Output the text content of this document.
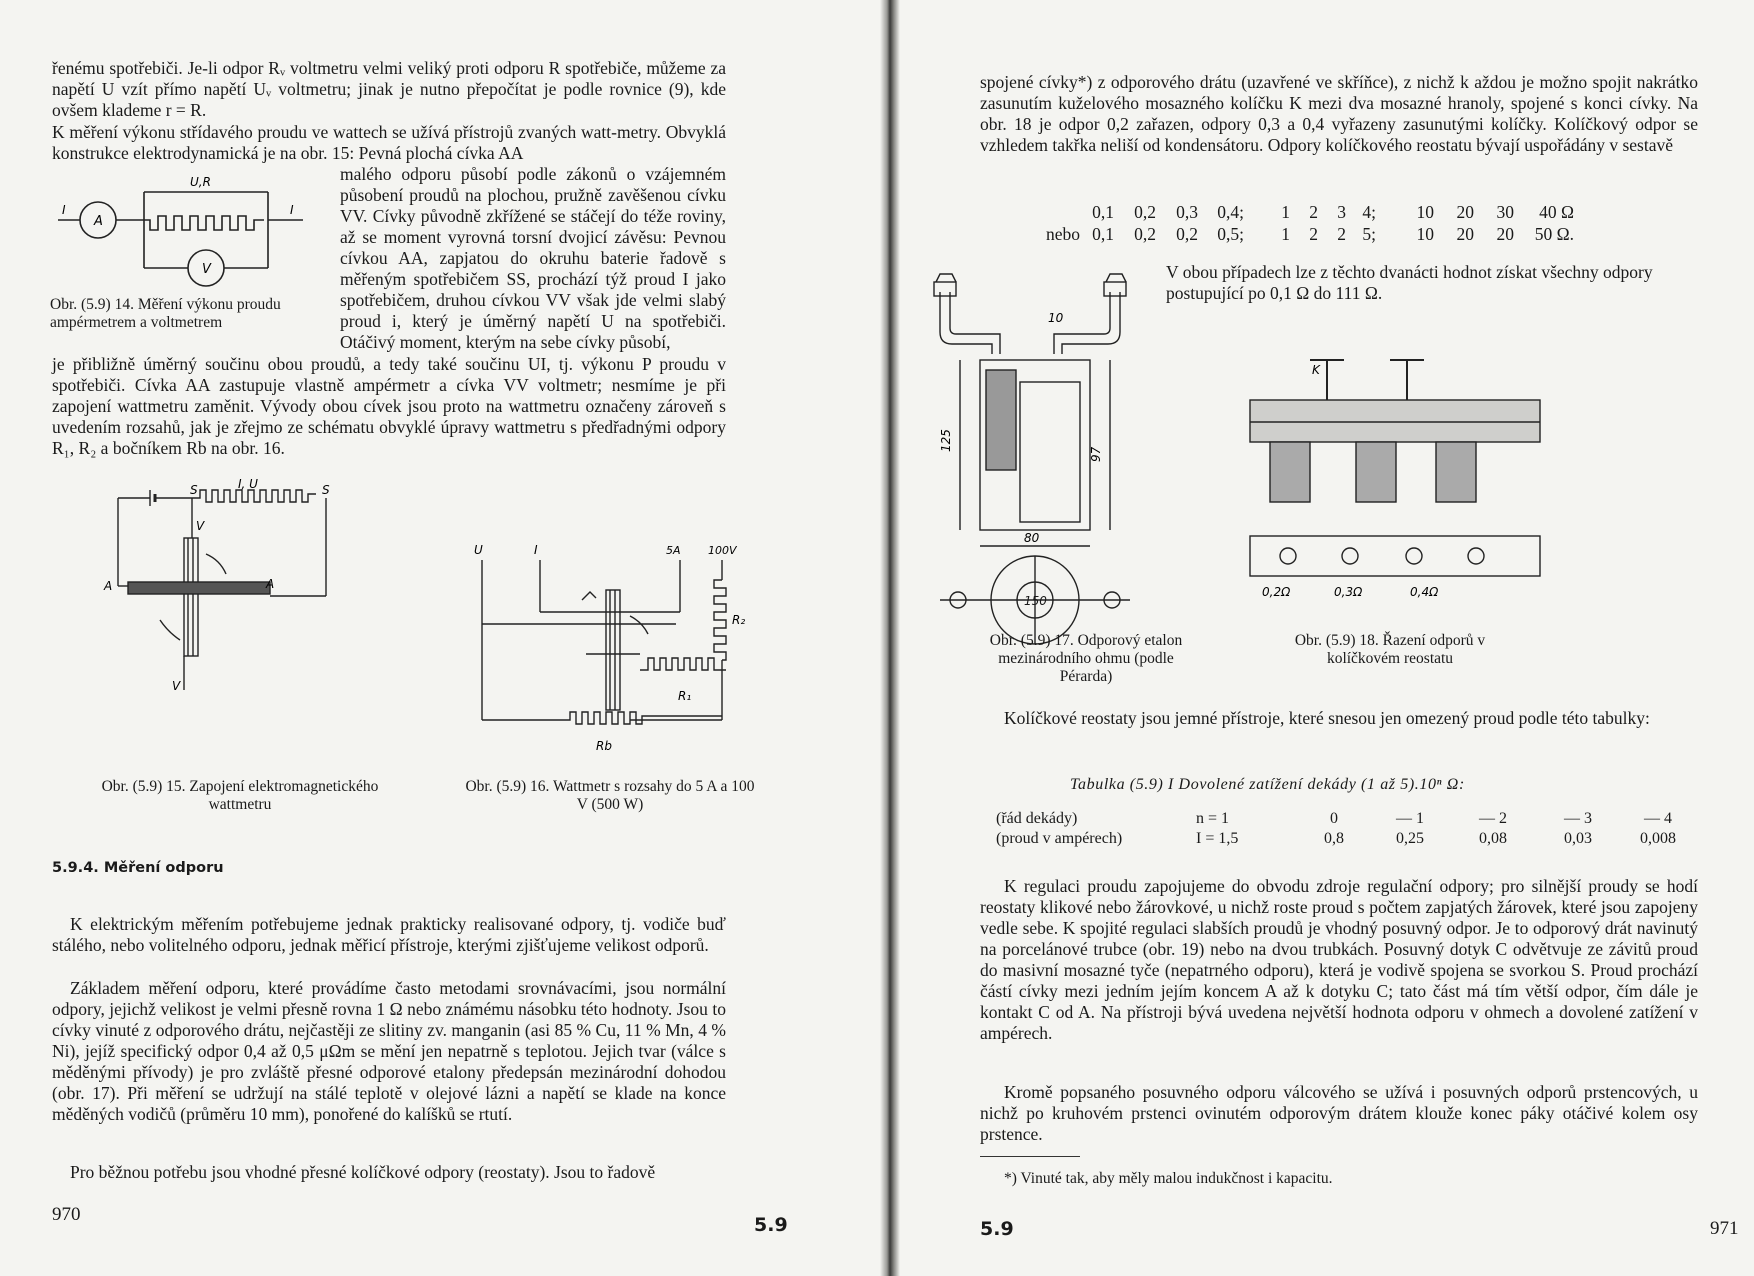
řenému spotřebiči. Je-li odpor Rᵥ voltmetru velmi veliký proti odporu R spotřebiče, můžeme za napětí U vzít přímo napětí Uᵥ voltmetru; jinak je nutno přepočítat je podle rovnice (9), kde ovšem klademe r = R.
K měření výkonu střídavého proudu ve wattech se užívá přístrojů zvaných watt-metry. Obvyklá konstrukce elektrodynamická je na obr. 15: Pevná plochá cívka AA
U,R
I	I
A
V
Obr. (5.9) 14. Měření výkonu proudu ampérmetrem a voltmetrem
malého odporu působí podle zákonů o vzájemném působení proudů na plochou, pružně zavěšenou cívku VV. Cívky původně zkřížené se stáčejí do téže roviny, až se moment vyrovná torsní dvojicí závěsu: Pevnou cívkou AA, zapjatou do okruhu baterie řadově s měřeným spotřebičem SS, prochází týž proud I jako spotřebičem, druhou cívkou VV však jde velmi slabý proud i, který je úměrný napětí U na spotřebiči. Otáčivý moment, kterým na sebe cívky působí,
je přibližně úměrný součinu obou proudů, a tedy také součinu UI, tj. výkonu P proudu v spotřebiči. Cívka AA zastupuje vlastně ampérmetr a cívka VV voltmetr; nesmíme je při zapojení wattmetru zaměnit. Vývody obou cívek jsou proto na wattmetru označeny zároveň s uvedením rozsahů, jak je zřejmo ze schématu obvyklé úpravy wattmetru s předřadnými odpory R₁, R₂ a bočníkem Rb na obr. 16.
I, U
S	S
V
A	A
V
Obr. (5.9) 15. Zapojení elektromagnetického wattmetru
U	I	5A 100V
R₂
R₁
Rb
Obr. (5.9) 16. Wattmetr s rozsahy do 5 A a 100 V (500 W)
5.9.4. Měření odporu
K elektrickým měřením potřebujeme jednak prakticky realisované odpory, tj. vodiče buď stálého, nebo volitelného odporu, jednak měřicí přístroje, kterými zjišťujeme velikost odporů.
Základem měření odporu, které provádíme často metodami srovnávacími, jsou normální odpory, jejichž velikost je velmi přesně rovna 1 Ω nebo známému násobku této hodnoty. Jsou to cívky vinuté z odporového drátu, nejčastěji ze slitiny zv. manganin (asi 85 % Cu, 11 % Mn, 4 % Ni), jejíž specifický odpor 0,4 až 0,5 μΩm se mění jen nepatrně s teplotou. Jejich tvar (válce s měděnými přívody) je pro zvláště přesné odporové etalony předepsán mezinárodní dohodou (obr. 17). Při měření se udržují na stálé teplotě v olejové lázni a napětí se klade na konce měděných vodičů (průměru 10 mm), ponořené do kalíšků se rtutí.
Pro běžnou potřebu jsou vhodné přesné kolíčkové odpory (reostaty). Jsou to řadově
970	5.9
spojené cívky*) z odporového drátu (uzavřené ve skříňce), z nichž k aždou je možno spojit nakrátko zasunutím kuželového mosazného kolíčku K mezi dva mosazné hranoly, spojené s konci cívky. Na obr. 18 je odpor 0,2 zařazen, odpory 0,3 a 0,4 vyřazeny zasunutými kolíčky. Kolíčkový odpor se vzhledem takřka neliší od kondensátoru. Odpory kolíčkového reostatu bývají uspořádány v sestavě
0,1	0,2	0,3	0,4;	1	2	3 4;	10	20	30	40 Ω
nebo 0,1	0,2	0,2	0,5;	1	2	2 5;	10	20	20	50 Ω.
125
97
80
10
150
V obou případech lze z těchto dvanácti hodnot získat všechny odpory postupující po 0,1 Ω do 111 Ω.
K
0,2Ω	0,3Ω	0,4Ω
Obr. (5.9) 17. Odporový etalon mezinárodního ohmu (podle Pérarda)
Obr. (5.9) 18. Řazení odporů v kolíčkovém reostatu
Kolíčkové reostaty jsou jemné přístroje, které snesou jen omezený proud podle této tabulky:
Tabulka (5.9) I Dovolené zatížení dekády (1 až 5).10ⁿ Ω:
(řád dekády)	n = 1	0	— 1	— 2	— 3	— 4
(proud v ampérech)	I = 1,5	0,8	0,25	0,08	0,03	0,008
K regulaci proudu zapojujeme do obvodu zdroje regulační odpory; pro silnější proudy se hodí reostaty klikové nebo žárovkové, u nichž roste proud s počtem zapjatých žárovek, které jsou zapojeny vedle sebe. K spojité regulaci slabších proudů je vhodný posuvný odpor. Je to odporový drát navinutý na porcelánové trubce (obr. 19) nebo na dvou trubkách. Posuvný dotyk C odvětvuje ze závitů proud do masivní mosazné tyče (nepatrného odporu), která je vodivě spojena se svorkou S. Proud prochází částí cívky mezi jedním jejím koncem A až k dotyku C; tato část má tím větší odpor, čím dále je kontakt C od A. Na přístroji bývá uvedena největší hodnota odporu v ohmech a dovolené zatížení v ampérech.
Kromě popsaného posuvného odporu válcového se užívá i posuvných odporů prstencových, u nichž po kruhovém prstenci ovinutém odporovým drátem klouže konec páky otáčivé kolem osy prstence.
*) Vinuté tak, aby měly malou indukčnost i kapacitu.
5.9	971
